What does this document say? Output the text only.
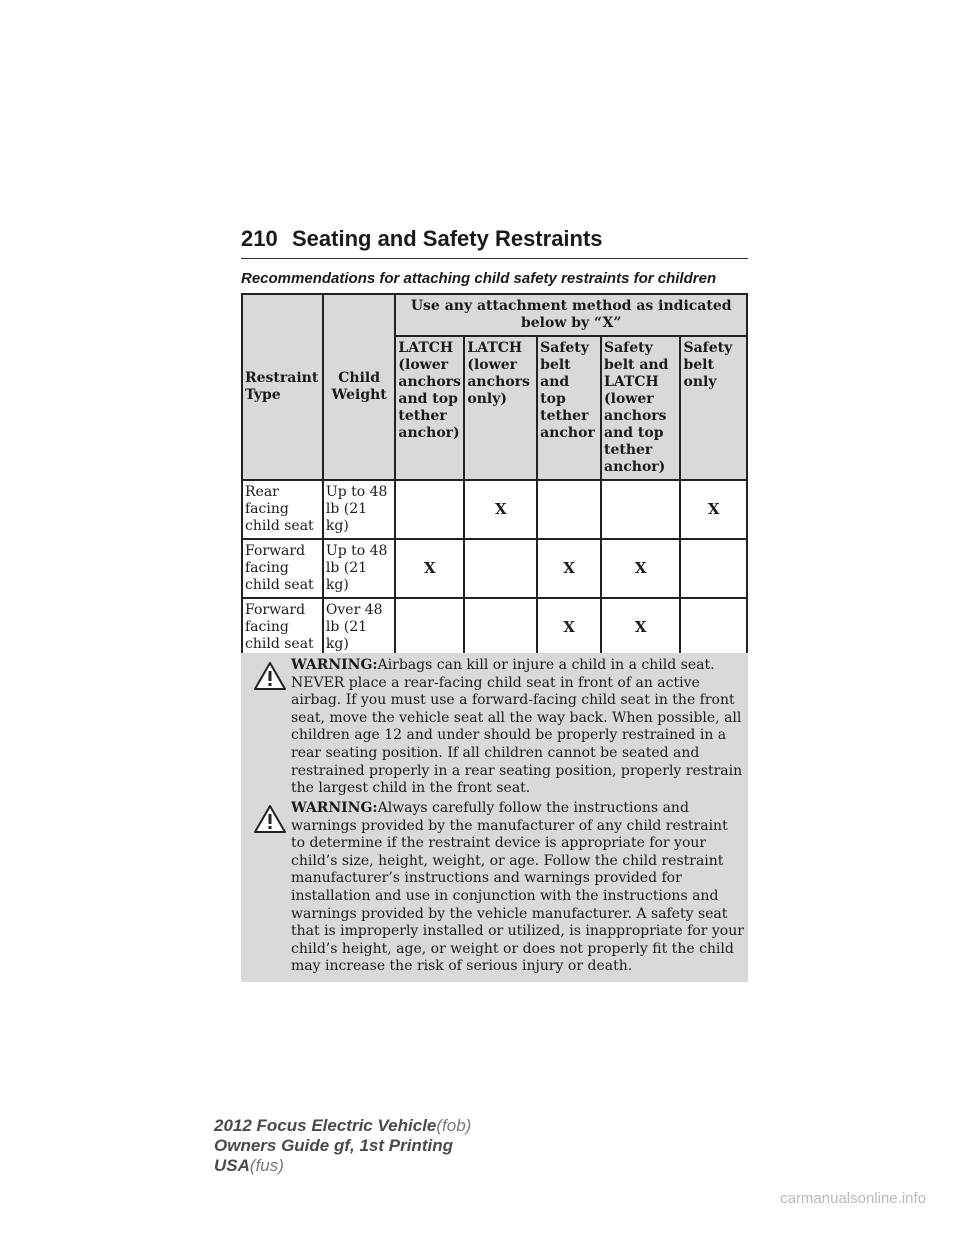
210 Seating and Safety Restraints
Recommendations for attaching child safety restraints for children
Restraint Type	Child Weight	Use any attachment method as indicated below by “X”				
		LATCH (lower anchors and top tether anchor)	LATCH (lower anchors only)	Safety belt and top tether anchor	Safety belt and LATCH (lower anchors and top tether anchor)	Safety belt only
Rear facing child seat	Up to 48 lb (21 kg)		X			X
Forward facing child seat	Up to 48 lb (21 kg)	X		X	X	
Forward facing child seat	Over 48 lb (21 kg)			X	X	
WARNING:Airbags can kill or injure a child in a child seat. NEVER place a rear-facing child seat in front of an active airbag. If you must use a forward-facing child seat in the front seat, move the vehicle seat all the way back. When possible, all children age 12 and under should be properly restrained in a rear seating position. If all children cannot be seated and restrained properly in a rear seating position, properly restrain the largest child in the front seat.
WARNING:Always carefully follow the instructions and warnings provided by the manufacturer of any child restraint to determine if the restraint device is appropriate for your child’s size, height, weight, or age. Follow the child restraint manufacturer’s instructions and warnings provided for installation and use in conjunction with the instructions and warnings provided by the vehicle manufacturer. A safety seat that is improperly installed or utilized, is inappropriate for your child’s height, age, or weight or does not properly fit the child may increase the risk of serious injury or death.
2012 Focus Electric Vehicle(fob)
Owners Guide gf, 1st Printing
USA(fus)
carmanualsonline.info
